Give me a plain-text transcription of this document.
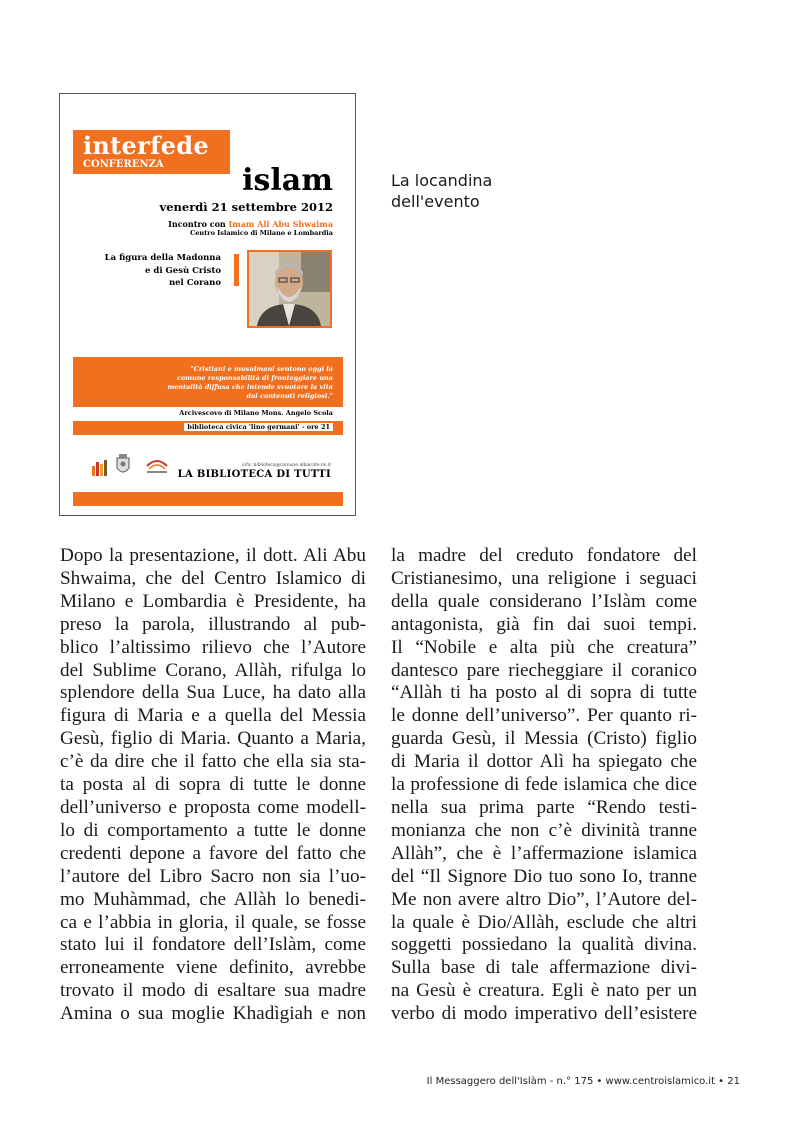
interfede
CONFERENZA	islam
venerdì 21 settembre 2012
Incontro con Imam Ali Abu Shwaima
Centro Islamico di Milano e Lombardia
La figura della Madonna
e di Gesù Cristo
nel Corano
"Cristiani e musulmani sentono oggi la
comune responsabilità di fronteggiare una
mentalità diffusa che intende svuotare la vita
dai contenuti religiosi."
Arcivescovo di Milano Mons. Angelo Scola
biblioteca civica 'lino germani' - ore 21
info: biblioteca@comune.albairate.mi.it
LA BIBLIOTECA DI TUTTI
La locandina
dell'evento
Dopo la presentazione, il dott. Ali Abu
Shwaima, che del Centro Islamico di
Milano e Lombardia è Presidente, ha
preso la parola, illustrando al pub-
blico l’altissimo rilievo che l’Autore
del Sublime Corano, Allàh, rifulga lo
splendore della Sua Luce, ha dato alla
figura di Maria e a quella del Messia
Gesù, figlio di Maria. Quanto a Maria,
c’è da dire che il fatto che ella sia sta-
ta posta al di sopra di tutte le donne
dell’universo e proposta come modell-
lo di comportamento a tutte le donne
credenti depone a favore del fatto che
l’autore del Libro Sacro non sia l’uo-
mo Muhàmmad, che Allàh lo benedi-
ca e l’abbia in gloria, il quale, se fosse
stato lui il fondatore dell’Islàm, come
erroneamente viene definito, avrebbe
trovato il modo di esaltare sua madre
Amina o sua moglie Khadìgiah e non
la madre del creduto fondatore del
Cristianesimo, una religione i seguaci
della quale considerano l’Islàm come
antagonista, già fin dai suoi tempi.
Il “Nobile e alta più che creatura”
dantesco pare riecheggiare il coranico
“Allàh ti ha posto al di sopra di tutte
le donne dell’universo”. Per quanto ri-
guarda Gesù, il Messia (Cristo) figlio
di Maria il dottor Alì ha spiegato che
la professione di fede islamica che dice
nella sua prima parte “Rendo testi-
monianza che non c’è divinità tranne
Allàh”, che è l’affermazione islamica
del “Il Signore Dio tuo sono Io, tranne
Me non avere altro Dio”, l’Autore del-
la quale è Dio/Allàh, esclude che altri
soggetti possiedano la qualità divina.
Sulla base di tale affermazione divi-
na Gesù è creatura. Egli è nato per un
verbo di modo imperativo dell’esistere
Il Messaggero dell'Islàm - n.° 175 • www.centroislamico.it • 21
